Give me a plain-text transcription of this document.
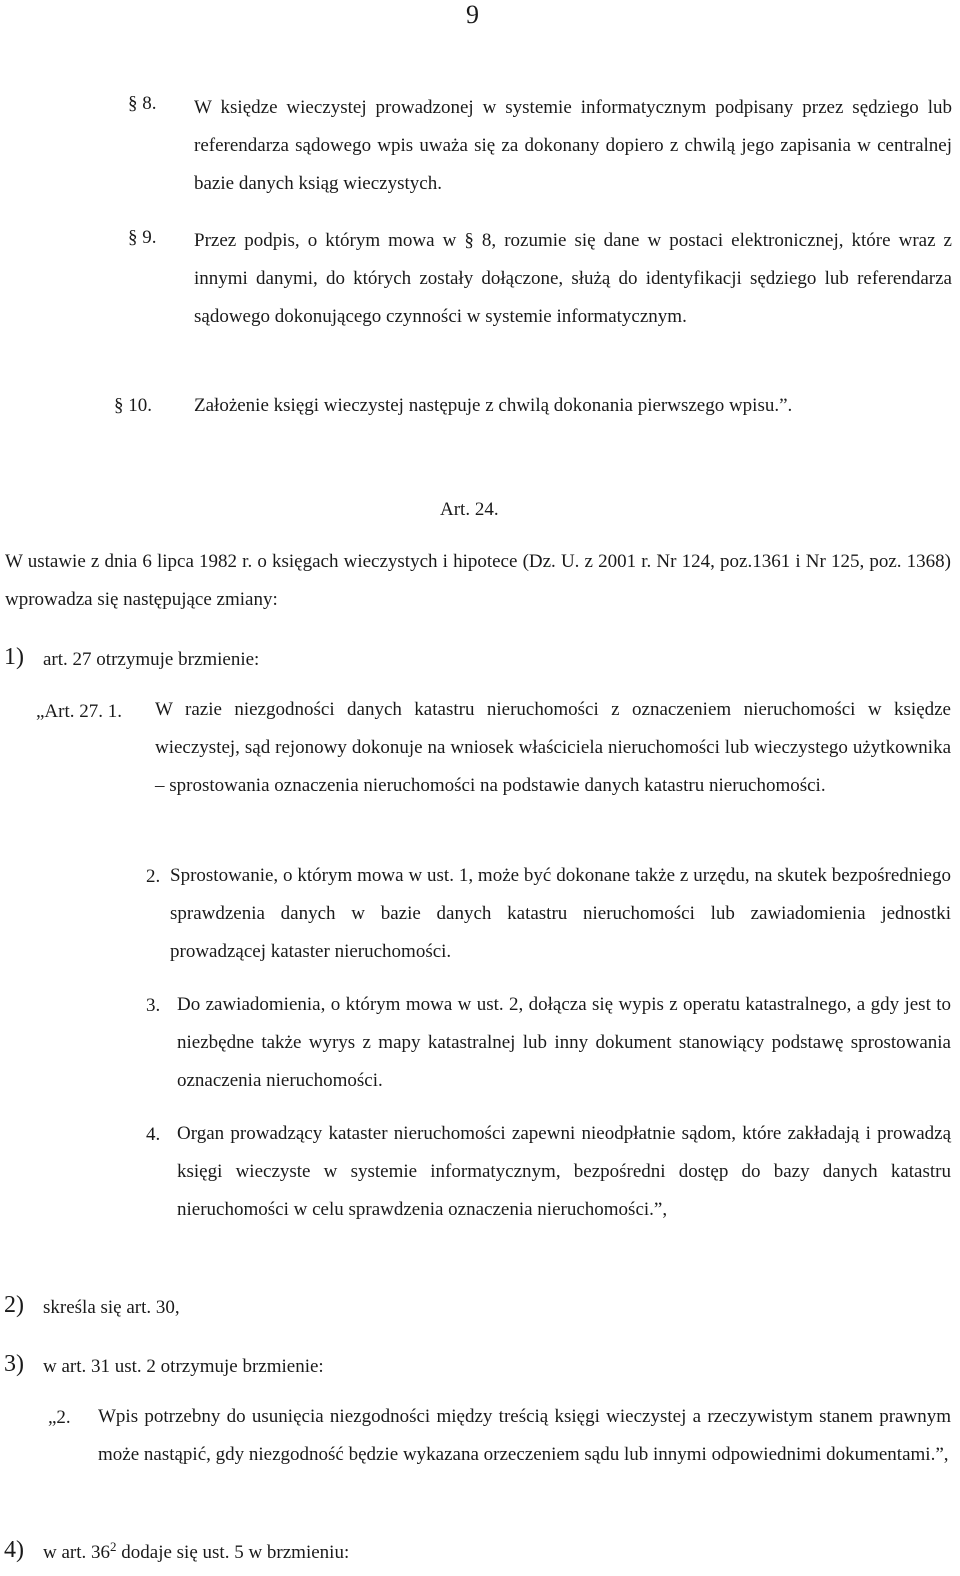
9
§ 8. W księdze wieczystej prowadzonej w systemie informatycznym podpisany przez sędziego lub referendarza sądowego wpis uważa się za dokonany dopiero z chwilą jego zapisania w centralnej bazie danych ksiąg wieczystych.
§ 9. Przez podpis, o którym mowa w § 8, rozumie się dane w postaci elektronicznej, które wraz z innymi danymi, do których zostały dołączone, służą do identyfikacji sędziego lub referendarza sądowego dokonującego czynności w systemie informatycznym.
§ 10. Założenie księgi wieczystej następuje z chwilą dokonania pierwszego wpisu.”.
Art. 24.
W ustawie z dnia 6 lipca 1982 r. o księgach wieczystych i hipotece (Dz. U. z 2001 r. Nr 124, poz.1361 i Nr 125, poz. 1368) wprowadza się następujące zmiany:
1) art. 27 otrzymuje brzmienie:
„Art. 27. 1. W razie niezgodności danych katastru nieruchomości z oznaczeniem nieruchomości w księdze wieczystej, sąd rejonowy dokonuje na wniosek właściciela nieruchomości lub wieczystego użytkownika – sprostowania oznaczenia nieruchomości na podstawie danych katastru nieruchomości.
2. Sprostowanie, o którym mowa w ust. 1, może być dokonane także z urzędu, na skutek bezpośredniego sprawdzenia danych w bazie danych katastru nieruchomości lub zawiadomienia jednostki prowadzącej kataster nieruchomości.
3. Do zawiadomienia, o którym mowa w ust. 2, dołącza się wypis z operatu katastralnego, a gdy jest to niezbędne także wyrys z mapy katastralnej lub inny dokument stanowiący podstawę sprostowania oznaczenia nieruchomości.
4. Organ prowadzący kataster nieruchomości zapewni nieodpłatnie sądom, które zakładają i prowadzą księgi wieczyste w systemie informatycznym, bezpośredni dostęp do bazy danych katastru nieruchomości w celu sprawdzenia oznaczenia nieruchomości.”,
2) skreśla się art. 30,
3) w art. 31 ust. 2 otrzymuje brzmienie:
„2. Wpis potrzebny do usunięcia niezgodności między treścią księgi wieczystej a rzeczywistym stanem prawnym może nastąpić, gdy niezgodność będzie wykazana orzeczeniem sądu lub innymi odpowiednimi dokumentami.”,
4) w art. $36^2$ dodaje się ust. 5 w brzmieniu:
